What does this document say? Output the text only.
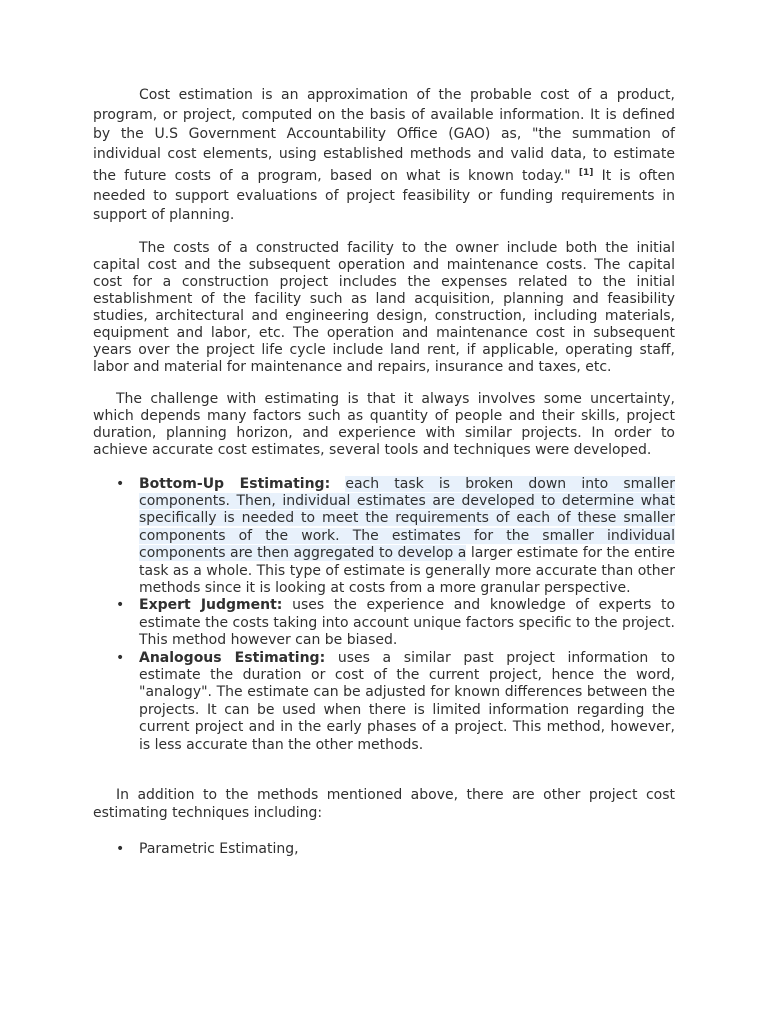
Cost estimation is an approximation of the probable cost of a product, program, or project, computed on the basis of available information. It is defined by the U.S Government Accountability Office (GAO) as, "the summation of individual cost elements, using established methods and valid data, to estimate the future costs of a program, based on what is known today." [1] It is often needed to support evaluations of project feasibility or funding requirements in support of planning.

The costs of a constructed facility to the owner include both the initial capital cost and the subsequent operation and maintenance costs. The capital cost for a construction project includes the expenses related to the initial establishment of the facility such as land acquisition, planning and feasibility studies, architectural and engineering design, construction, including materials, equipment and labor, etc. The operation and maintenance cost in subsequent years over the project life cycle include land rent, if applicable, operating staff, labor and material for maintenance and repairs, insurance and taxes, etc.

The challenge with estimating is that it always involves some uncertainty, which depends many factors such as quantity of people and their skills, project duration, planning horizon, and experience with similar projects. In order to achieve accurate cost estimates, several tools and techniques were developed.

• Bottom-Up Estimating: each task is broken down into smaller components. Then, individual estimates are developed to determine what specifically is needed to meet the requirements of each of these smaller components of the work. The estimates for the smaller individual components are then aggregated to develop a larger estimate for the entire task as a whole. This type of estimate is generally more accurate than other methods since it is looking at costs from a more granular perspective.
• Expert Judgment: uses the experience and knowledge of experts to estimate the costs taking into account unique factors specific to the project. This method however can be biased.
• Analogous Estimating: uses a similar past project information to estimate the duration or cost of the current project, hence the word, "analogy". The estimate can be adjusted for known differences between the projects. It can be used when there is limited information regarding the current project and in the early phases of a project. This method, however, is less accurate than the other methods.

In addition to the methods mentioned above, there are other project cost estimating techniques including:

• Parametric Estimating,
